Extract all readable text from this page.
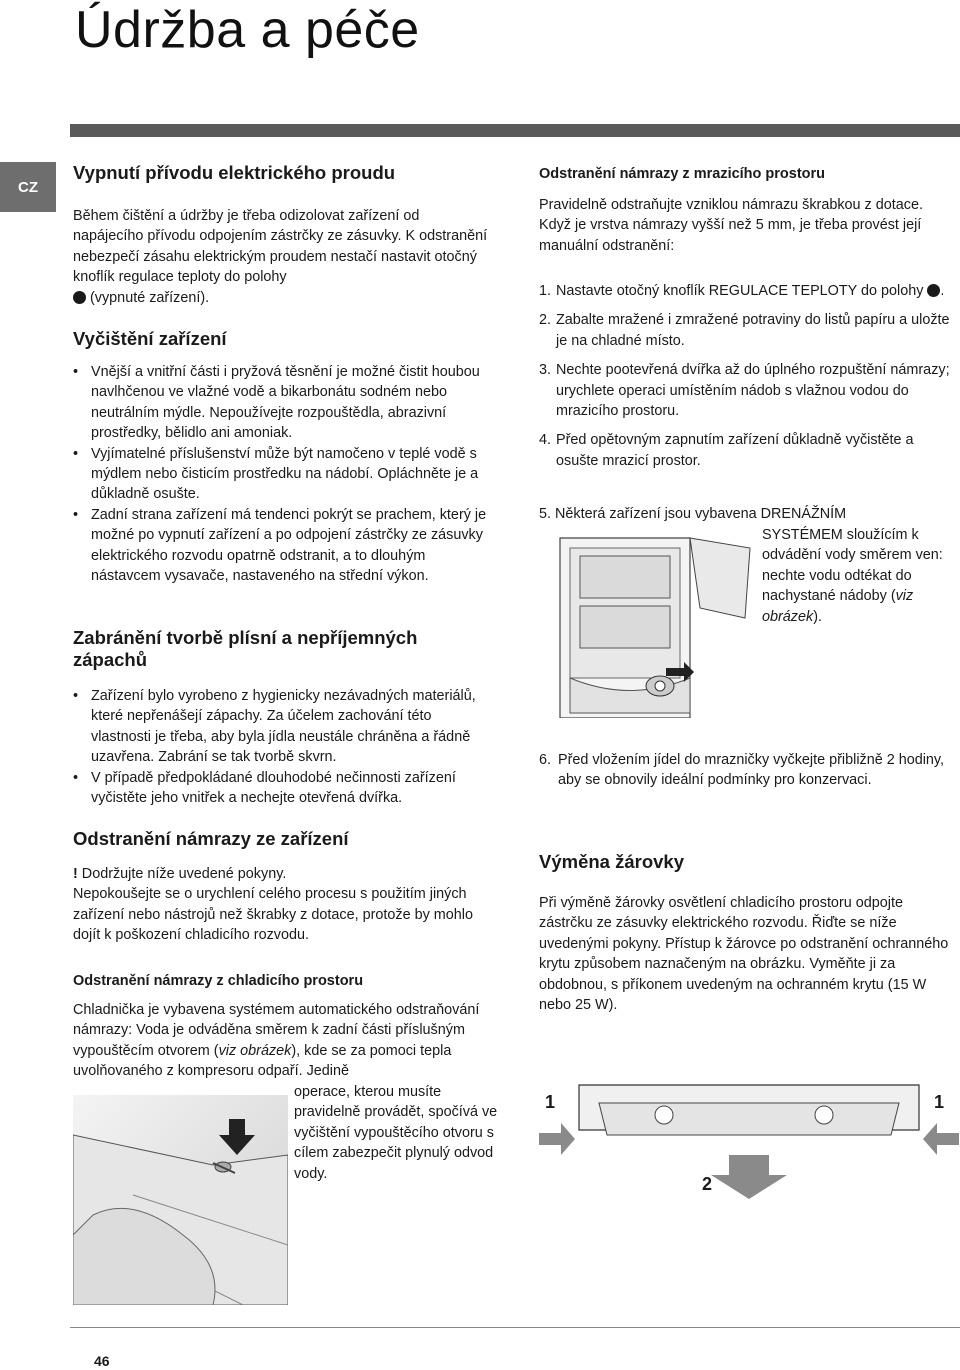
Údržba a péče
CZ
Vypnutí přívodu elektrického proudu
Během čištění a údržby je třeba odizolovat zařízení od napájecího přívodu odpojením zástrčky ze zásuvky. K odstranění nebezpečí zásahu elektrickým proudem nestačí nastavit otočný knoflík regulace teploty do polohy
(vypnuté zařízení).
Vyčištění zařízení
• Vnější a vnitřní části i pryžová těsnění je možné čistit houbou navlhčenou ve vlažné vodě a bikarbonátu sodném nebo neutrálním mýdle. Nepoužívejte rozpouštědla, abrazivní prostředky, bělidlo ani amoniak.
• Vyjímatelné příslušenství může být namočeno v teplé vodě s mýdlem nebo čisticím prostředku na nádobí. Opláchněte je a důkladně osušte.
• Zadní strana zařízení má tendenci pokrýt se prachem, který je možné po vypnutí zařízení a po odpojení zástrčky ze zásuvky elektrického rozvodu opatrně odstranit, a to dlouhým nástavcem vysavače, nastaveného na střední výkon.
Zabránění tvorbě plísní a nepříjemných zápachů
• Zařízení bylo vyrobeno z hygienicky nezávadných materiálů, které nepřenášejí zápachy. Za účelem zachování této vlastnosti je třeba, aby byla jídla neustále chráněna a řádně uzavřena. Zabrání se tak tvorbě skvrn.
• V případě předpokládané dlouhodobé nečinnosti zařízení vyčistěte jeho vnitřek a nechejte otevřená dvířka.
Odstranění námrazy ze zařízení
! Dodržujte níže uvedené pokyny.
Nepokoušejte se o urychlení celého procesu s použitím jiných zařízení nebo nástrojů než škrabky z dotace, protože by mohlo dojít k poškození chladicího rozvodu.
Odstranění námrazy z chladicího prostoru
Chladnička je vybavena systémem automatického odstraňování námrazy: Voda je odváděna směrem k zadní části příslušným vypouštěcím otvorem (viz obrázek), kde se za pomoci tepla uvolňovaného z kompresoru odpaří. Jedině
operace, kterou musíte pravidelně provádět, spočívá ve vyčištění vypouštěcího otvoru s cílem zabezpečit plynulý odvod vody.
Odstranění námrazy z mrazicího prostoru
Pravidelně odstraňujte vzniklou námrazu škrabkou z dotace. Když je vrstva námrazy vyšší než 5 mm, je třeba provést její manuální odstranění:
1. Nastavte otočný knoflík REGULACE TEPLOTY do polohy .
2. Zabalte mražené i zmražené potraviny do listů papíru a uložte je na chladné místo.
3. Nechte pootevřená dvířka až do úplného rozpuštění námrazy; urychlete operaci umístěním nádob s vlažnou vodou do mrazicího prostoru.
4. Před opětovným zapnutím zařízení důkladně vyčistěte a osušte mrazicí prostor.
5. Některá zařízení jsou vybavena DRENÁŽNÍM
SYSTÉMEM sloužícím k odvádění vody směrem ven: nechte vodu odtékat do nachystané nádoby (viz obrázek).
6. Před vložením jídel do mrazničky vyčkejte přibližně 2 hodiny, aby se obnovily ideální podmínky pro konzervaci.
Výměna žárovky
Při výměně žárovky osvětlení chladicího prostoru odpojte zástrčku ze zásuvky elektrického rozvodu. Řiďte se níže uvedenými pokyny. Přístup k žárovce po odstranění ochranného krytu způsobem naznačeným na obrázku. Vyměňte ji za obdobnou, s příkonem uvedeným na ochranném krytu (15 W nebo 25 W).
1	1
2
46
